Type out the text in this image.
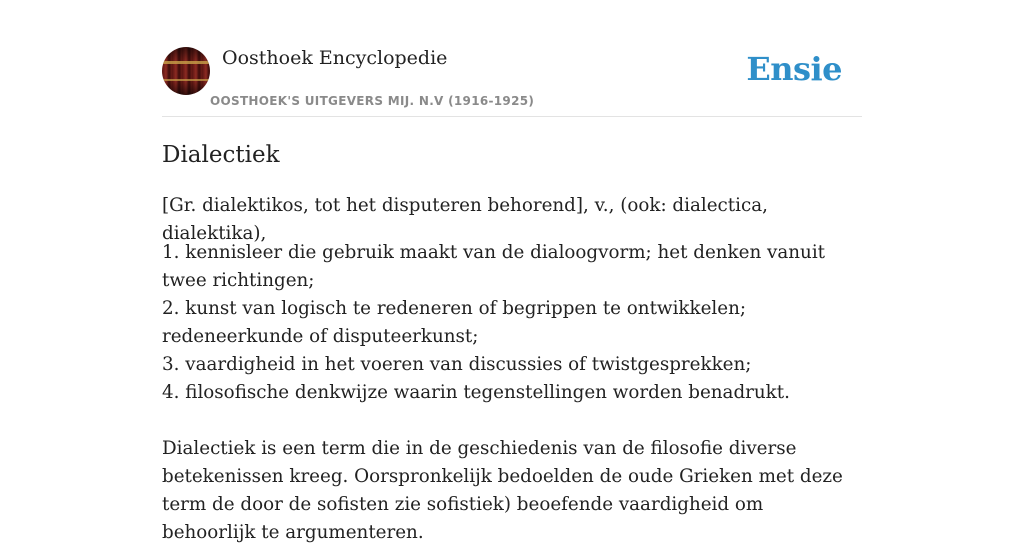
Oosthoek Encyclopedie
OOSTHOEK'S UITGEVERS MIJ. N.V (1916-1925)
Ensie
Dialectiek
[Gr. dialektikos, tot het disputeren behorend], v., (ook: dialectica, dialektika),
1. kennisleer die gebruik maakt van de dialoogvorm; het denken vanuit twee richtingen;
2. kunst van logisch te redeneren of begrippen te ontwikkelen; redeneerkunde of disputeerkunst;
3. vaardigheid in het voeren van discussies of twistgesprekken;
4. filosofische denkwijze waarin tegenstellingen worden benadrukt.
Dialectiek is een term die in de geschiedenis van de filosofie diverse betekenissen kreeg. Oorspronkelijk bedoelden de oude Grieken met deze term de door de sofisten zie sofistiek) beoefende vaardigheid om behoorlijk te argumenteren.
